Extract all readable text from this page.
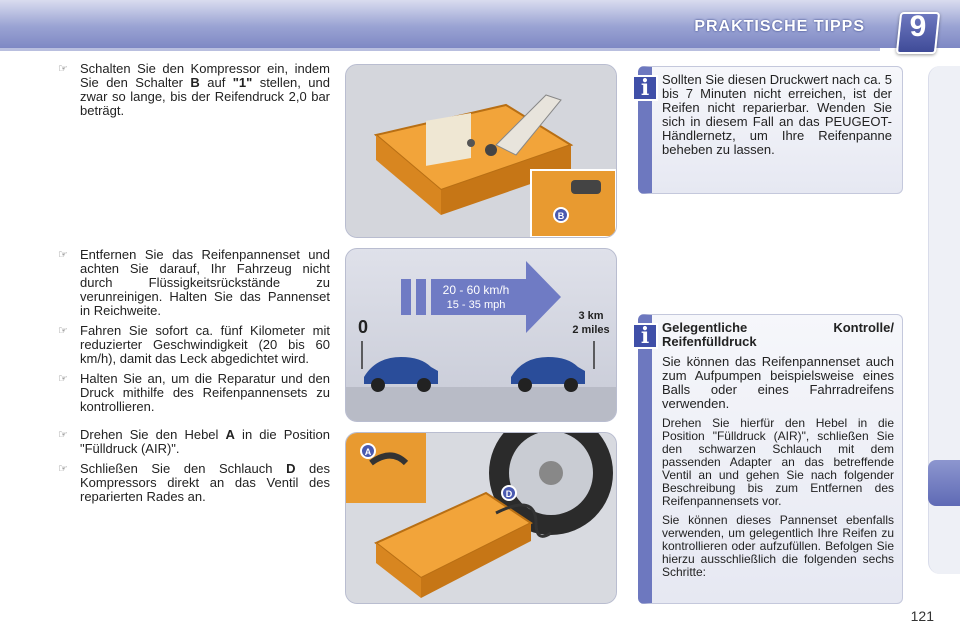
PRAKTISCHE TIPPS	9
☞ Schalten Sie den Kompressor ein, indem Sie den Schalter B auf "1" stellen, und zwar so lange, bis der Reifendruck 2,0 bar beträgt.
☞ Entfernen Sie das Reifenpannenset und achten Sie darauf, Ihr Fahrzeug nicht durch Flüssigkeitsrückstände zu verunreinigen. Halten Sie das Pannenset in Reichweite.
☞ Fahren Sie sofort ca. fünf Kilometer mit reduzierter Geschwindigkeit (20 bis 60 km/h), damit das Leck abgedichtet wird.
☞ Halten Sie an, um die Reparatur und den Druck mithilfe des Reifenpannensets zu kontrollieren.
☞ Drehen Sie den Hebel A in die Position "Fülldruck (AIR)".
☞ Schließen Sie den Schlauch D des Kompressors direkt an das Ventil des reparierten Rades an.
B
20 - 60 km/h
15 - 35 mph
0
3 km
2 miles
A
D
i Sollten Sie diesen Druckwert nach ca. 5 bis 7 Minuten nicht erreichen, ist der Reifen nicht reparierbar. Wenden Sie sich in diesem Fall an das PEUGEOT-Händlernetz, um Ihre Reifenpanne beheben zu lassen.
i Gelegentliche Kontrolle/ Reifenfülldruck
Sie können das Reifenpannenset auch zum Aufpumpen beispielsweise eines Balls oder eines Fahrradreifens verwenden.
Drehen Sie hierfür den Hebel in die Position "Fülldruck (AIR)", schließen Sie den schwarzen Schlauch mit dem passenden Adapter an das betreffende Ventil an und gehen Sie nach folgender Beschreibung bis zum Entfernen des Reifenpannensets vor.
Sie können dieses Pannenset ebenfalls verwenden, um gelegentlich Ihre Reifen zu kontrollieren oder aufzufüllen. Befolgen Sie hierzu ausschließlich die folgenden sechs Schritte:
121
